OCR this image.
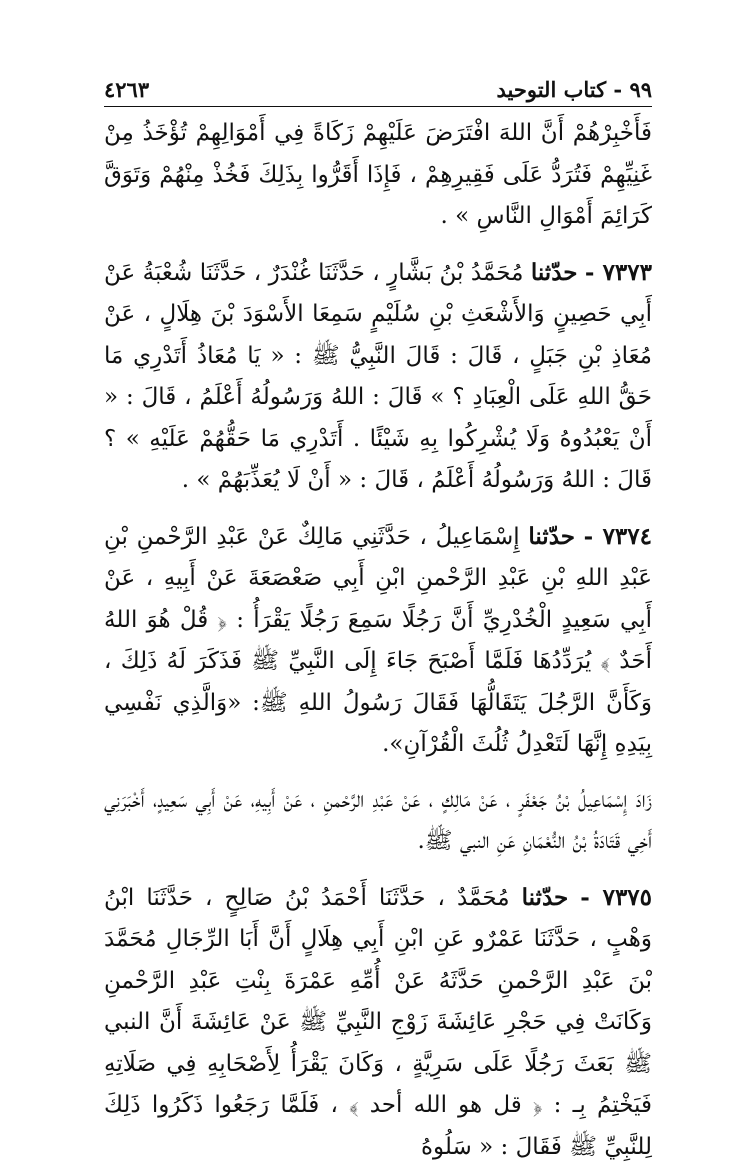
٩٩ - كتاب التوحيد
٤٢٦٣

فَأَخْبِرْهُمْ أَنَّ اللهَ افْتَرَضَ عَلَيْهِمْ زَكَاةً فِي أَمْوَالِهِمْ تُؤْخَذُ مِنْ غَنِيِّهِمْ فَتُرَدُّ عَلَى فَقِيرِهِمْ ، فَإِذَا أَقَرُّوا بِذَلِكَ فَخُذْ مِنْهُمْ وَتَوَقَّ كَرَائِمَ أَمْوَالِ النَّاسِ » .

٧٣٧٣ - حدّثنا مُحَمَّدُ بْنُ بَشَّارٍ ، حَدَّثَنَا غُنْدَرٌ ، حَدَّثَنَا شُعْبَةُ عَنْ أَبِي حَصِينٍ وَالأَشْعَثِ بْنِ سُلَيْمٍ سَمِعَا الأَسْوَدَ بْنَ هِلَالٍ ، عَنْ مُعَاذِ بْنِ جَبَلٍ ، قَالَ : قَالَ النَّبِيُّ ﷺ : « يَا مُعَاذُ أَتَدْرِي مَا حَقُّ اللهِ عَلَى الْعِبَادِ ؟ » قَالَ : اللهُ وَرَسُولُهُ أَعْلَمُ ، قَالَ : « أَنْ يَعْبُدُوهُ وَلَا يُشْرِكُوا بِهِ شَيْئًا . أَتَدْرِي مَا حَقُّهُمْ عَلَيْهِ » ؟ قَالَ : اللهُ وَرَسُولُهُ أَعْلَمُ ، قَالَ : « أَنْ لَا يُعَذِّبَهُمْ » .

٧٣٧٤ - حدّثنا إِسْمَاعِيلُ ، حَدَّثَنِي مَالِكٌ عَنْ عَبْدِ الرَّحْمنِ بْنِ عَبْدِ اللهِ بْنِ عَبْدِ الرَّحْمنِ ابْنِ أَبِي صَعْصَعَةَ عَنْ أَبِيهِ ، عَنْ أَبِي سَعِيدٍ الْخُدْرِيِّ أَنَّ رَجُلًا سَمِعَ رَجُلًا يَقْرَأُ : ﴿ قُلْ هُوَ اللهُ أَحَدٌ ﴾ يُرَدِّدُهَا فَلَمَّا أَصْبَحَ جَاءَ إِلَى النَّبِيِّ ﷺ فَذَكَرَ لَهُ ذَلِكَ ، وَكَأَنَّ الرَّجُلَ يَتَقَالُّهَا فَقَالَ رَسُولُ اللهِ ﷺ: «وَالَّذِي نَفْسِي بِيَدِهِ إِنَّهَا لَتَعْدِلُ ثُلُثَ الْقُرْآنِ».

زَادَ إِسْمَاعِيلُ بْنُ جَعْفَرٍ ، عَنْ مَالِكٍ ، عَنْ عَبْدِ الرَّحْمنِ ، عَنْ أَبِيهِ، عَنْ أَبِي سَعِيدٍ، أَخْبَرَنِي أَخِي قَتَادَةُ بْنُ النُّعْمَانِ عَنِ النبي ﷺ.

٧٣٧٥ - حدّثنا مُحَمَّدٌ ، حَدَّثَنَا أَحْمَدُ بْنُ صَالِحٍ ، حَدَّثَنَا ابْنُ وَهْبٍ ، حَدَّثَنَا عَمْرٌو عَنِ ابْنِ أَبِي هِلَالٍ أَنَّ أَبَا الرِّجَالِ مُحَمَّدَ بْنَ عَبْدِ الرَّحْمنِ حَدَّثَهُ عَنْ أُمِّهِ عَمْرَةَ بِنْتِ عَبْدِ الرَّحْمنِ وَكَانَتْ فِي حَجْرِ عَائِشَةَ زَوْجِ النَّبِيِّ ﷺ عَنْ عَائِشَةَ أَنَّ النبي ﷺ بَعَثَ رَجُلًا عَلَى سَرِيَّةٍ ، وَكَانَ يَقْرَأُ لِأَصْحَابِهِ فِي صَلَاتِهِ فَيَخْتِمُ بِـ : ﴿ قل هو الله أحد ﴾ ، فَلَمَّا رَجَعُوا ذَكَرُوا ذَلِكَ لِلنَّبِيِّ ﷺ فَقَالَ : « سَلُوهُ
